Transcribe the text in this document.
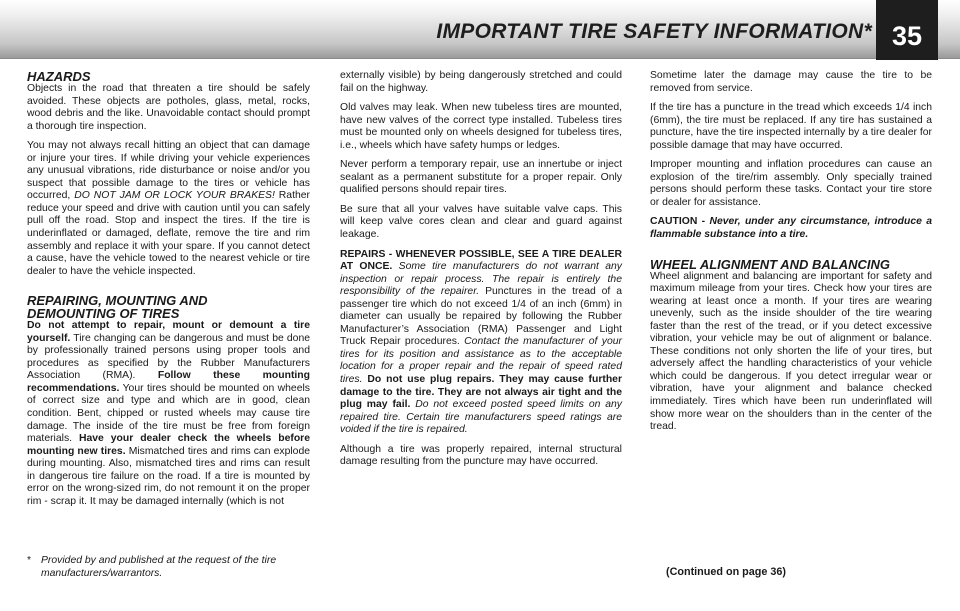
IMPORTANT TIRE SAFETY INFORMATION* 35
HAZARDS

Objects in the road that threaten a tire should be safely avoided. These objects are potholes, glass, metal, rocks, wood debris and the like. Unavoidable contact should prompt a thorough tire inspection.

You may not always recall hitting an object that can damage or injure your tires. If while driving your vehicle experiences any unusual vibrations, ride disturbance or noise and/or you suspect that possible damage to the tires or vehicle has occurred, DO NOT JAM OR LOCK YOUR BRAKES! Rather reduce your speed and drive with caution until you can safely pull off the road. Stop and inspect the tires. If the tire is underinflated or damaged, deflate, remove the tire and rim assembly and replace it with your spare. If you cannot detect a cause, have the vehicle towed to the nearest vehicle or tire dealer to have the vehicle inspected.

REPAIRING, MOUNTING AND
DEMOUNTING OF TIRES

Do not attempt to repair, mount or demount a tire yourself. Tire changing can be dangerous and must be done by professionally trained persons using proper tools and procedures as specified by the Rubber Manufacturers Association (RMA). Follow these mounting recommendations. Your tires should be mounted on wheels of correct size and type and which are in good, clean condition. Bent, chipped or rusted wheels may cause tire damage. The inside of the tire must be free from foreign materials. Have your dealer check the wheels before mounting new tires. Mismatched tires and rims can explode during mounting. Also, mismatched tires and rims can result in dangerous tire failure on the road. If a tire is mounted by error on the wrong-sized rim, do not remount it on the proper rim - scrap it. It may be damaged internally (which is not

externally visible) by being dangerously stretched and could fail on the highway.

Old valves may leak. When new tubeless tires are mounted, have new valves of the correct type installed. Tubeless tires must be mounted only on wheels designed for tubeless tires, i.e., wheels which have safety humps or ledges.

Never perform a temporary repair, use an innertube or inject sealant as a permanent substitute for a proper repair. Only qualified persons should repair tires.

Be sure that all your valves have suitable valve caps. This will keep valve cores clean and clear and guard against leakage.

REPAIRS - WHENEVER POSSIBLE, SEE A TIRE DEALER AT ONCE. Some tire manufacturers do not warrant any inspection or repair process. The repair is entirely the responsibility of the repairer. Punctures in the tread of a passenger tire which do not exceed 1/4 of an inch (6mm) in diameter can usually be repaired by following the Rubber Manufacturer’s Association (RMA) Passenger and Light Truck Repair procedures. Contact the manufacturer of your tires for its position and assistance as to the acceptable location for a proper repair and the repair of speed rated tires. Do not use plug repairs. They may cause further damage to the tire. They are not always air tight and the plug may fail. Do not exceed posted speed limits on any repaired tire. Certain tire manufacturers speed ratings are voided if the tire is repaired.

Although a tire was properly repaired, internal structural damage resulting from the puncture may have occurred.

Sometime later the damage may cause the tire to be removed from service.

If the tire has a puncture in the tread which exceeds 1/4 inch (6mm), the tire must be replaced. If any tire has sustained a puncture, have the tire inspected internally by a tire dealer for possible damage that may have occurred.

Improper mounting and inflation procedures can cause an explosion of the tire/rim assembly. Only specially trained persons should perform these tasks. Contact your tire store or dealer for assistance.

CAUTION - Never, under any circumstance, introduce a flammable substance into a tire.

WHEEL ALIGNMENT AND BALANCING

Wheel alignment and balancing are important for safety and maximum mileage from your tires. Check how your tires are wearing at least once a month. If your tires are wearing unevenly, such as the inside shoulder of the tire wearing faster than the rest of the tread, or if you detect excessive vibration, your vehicle may be out of alignment or balance. These conditions not only shorten the life of your tires, but adversely affect the handling characteristics of your vehicle which could be dangerous. If you detect irregular wear or vibration, have your alignment and balance checked immediately. Tires which have been run underinflated will show more wear on the shoulders than in the center of the tread.

* Provided by and published at the request of the tire manufacturers/warrantors.	(Continued on page 36)
